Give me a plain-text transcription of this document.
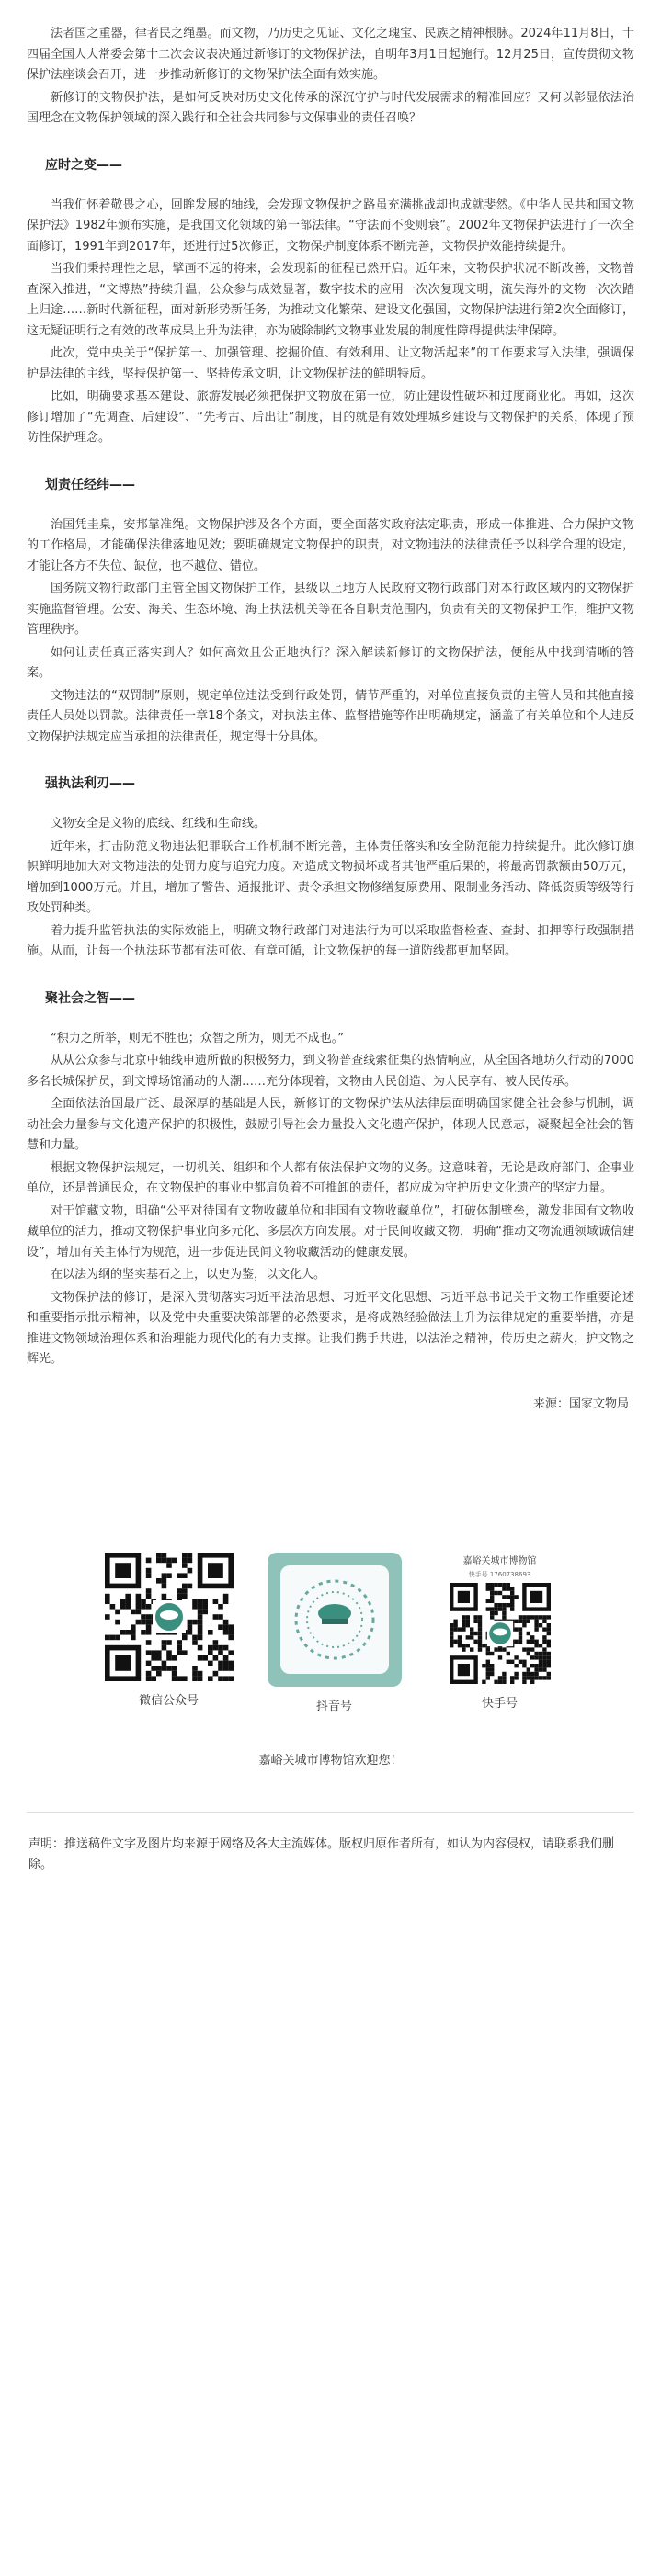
法者国之重器，律者民之绳墨。而文物，乃历史之见证、文化之瑰宝、民族之精神根脉。2024年11月8日，十四届全国人大常委会第十二次会议表决通过新修订的文物保护法，自明年3月1日起施行。12月25日，宣传贯彻文物保护法座谈会召开，进一步推动新修订的文物保护法全面有效实施。

新修订的文物保护法，是如何反映对历史文化传承的深沉守护与时代发展需求的精准回应？又何以彰显依法治国理念在文物保护领域的深入践行和全社会共同参与文保事业的责任召唤？

应时之变——

当我们怀着敬畏之心，回眸发展的轴线，会发现文物保护之路虽充满挑战却也成就斐然。《中华人民共和国文物保护法》1982年颁布实施，是我国文化领域的第一部法律。“守法而不变则衰”。2002年文物保护法进行了一次全面修订，1991年到2017年，还进行过5次修正，文物保护制度体系不断完善，文物保护效能持续提升。

当我们秉持理性之思，擘画不远的将来，会发现新的征程已然开启。近年来，文物保护状况不断改善，文物普查深入推进，“文博热”持续升温，公众参与成效显著，数字技术的应用一次次复现文明，流失海外的文物一次次踏上归途……新时代新征程，面对新形势新任务，为推动文化繁荣、建设文化强国，文物保护法进行第2次全面修订，这无疑证明行之有效的改革成果上升为法律，亦为破除制约文物事业发展的制度性障碍提供法律保障。

此次，党中央关于“保护第一、加强管理、挖掘价值、有效利用、让文物活起来”的工作要求写入法律，强调保护是法律的主线，坚持保护第一、坚持传承文明，让文物保护法的鲜明特质。

比如，明确要求基本建设、旅游发展必须把保护文物放在第一位，防止建设性破坏和过度商业化。再如，这次修订增加了“先调查、后建设”、“先考古、后出让”制度，目的就是有效处理城乡建设与文物保护的关系，体现了预防性保护理念。

划责任经纬——

治国凭圭臬，安邦靠准绳。文物保护涉及各个方面，要全面落实政府法定职责，形成一体推进、合力保护文物的工作格局，才能确保法律落地见效；要明确规定文物保护的职责，对文物违法的法律责任予以科学合理的设定，才能让各方不失位、缺位，也不越位、错位。

国务院文物行政部门主管全国文物保护工作，县级以上地方人民政府文物行政部门对本行政区域内的文物保护实施监督管理。公安、海关、生态环境、海上执法机关等在各自职责范围内，负责有关的文物保护工作，维护文物管理秩序。

如何让责任真正落实到人？如何高效且公正地执行？深入解读新修订的文物保护法，便能从中找到清晰的答案。

文物违法的“双罚制”原则，规定单位违法受到行政处罚，情节严重的，对单位直接负责的主管人员和其他直接责任人员处以罚款。法律责任一章18个条文，对执法主体、监督措施等作出明确规定，涵盖了有关单位和个人违反文物保护法规定应当承担的法律责任，规定得十分具体。

强执法利刃——

文物安全是文物的底线、红线和生命线。

近年来，打击防范文物违法犯罪联合工作机制不断完善，主体责任落实和安全防范能力持续提升。此次修订旗帜鲜明地加大对文物违法的处罚力度与追究力度。对造成文物损坏或者其他严重后果的，将最高罚款额由50万元，增加到1000万元。并且，增加了警告、通报批评、责令承担文物修缮复原费用、限制业务活动、降低资质等级等行政处罚种类。

着力提升监管执法的实际效能上，明确文物行政部门对违法行为可以采取监督检查、查封、扣押等行政强制措施。从而，让每一个执法环节都有法可依、有章可循，让文物保护的每一道防线都更加坚固。

聚社会之智——

“积力之所举，则无不胜也；众智之所为，则无不成也。”

从从公众参与北京中轴线申遗所做的积极努力，到文物普查线索征集的热情响应，从全国各地坊久行动的7000多名长城保护员，到文博场馆涌动的人潮……充分体现着，文物由人民创造、为人民享有、被人民传承。

全面依法治国最广泛、最深厚的基础是人民，新修订的文物保护法从法律层面明确国家健全社会参与机制，调动社会力量参与文化遗产保护的积极性，鼓励引导社会力量投入文化遗产保护，体现人民意志，凝聚起全社会的智慧和力量。

根据文物保护法规定，一切机关、组织和个人都有依法保护文物的义务。这意味着，无论是政府部门、企事业单位，还是普通民众，在文物保护的事业中都肩负着不可推卸的责任，都应成为守护历史文化遗产的坚定力量。

对于馆藏文物，明确“公平对待国有文物收藏单位和非国有文物收藏单位”，打破体制壁垒，激发非国有文物收藏单位的活力，推动文物保护事业向多元化、多层次方向发展。对于民间收藏文物，明确“推动文物流通领域诚信建设”，增加有关主体行为规范，进一步促进民间文物收藏活动的健康发展。

在以法为纲的坚实基石之上，以史为鉴，以文化人。

文物保护法的修订，是深入贯彻落实习近平法治思想、习近平文化思想、习近平总书记关于文物工作重要论述和重要指示批示精神，以及党中央重要决策部署的必然要求，是将成熟经验做法上升为法律规定的重要举措，亦是推进文物领域治理体系和治理能力现代化的有力支撑。让我们携手共进，以法治之精神，传历史之薪火，护文物之辉光。

来源：国家文物局
微信公众号	抖音号
嘉峪关城市博物馆
快手号 1760738693
快手号
嘉峪关城市博物馆欢迎您！
声明：推送稿件文字及图片均来源于网络及各大主流媒体。版权归原作者所有，如认为内容侵权，请联系我们删除。
